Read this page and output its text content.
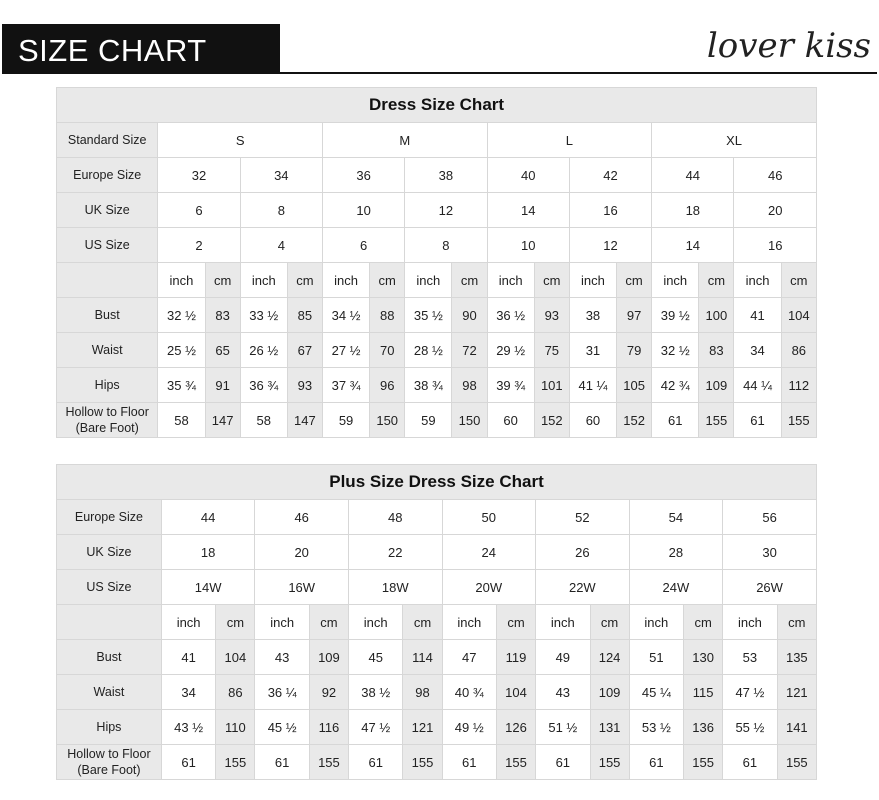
SIZE CHART	lover kiss
Dress Size Chart																
Standard Size	S				M				L				XL			
Europe Size	32		34		36		38		40		42		44		46	
UK Size	6		8		10		12		14		16		18		20	
US Size	2		4		6		8		10		12		14		16	
	inch	cm	inch	cm	inch	cm	inch	cm	inch	cm	inch	cm	inch	cm	inch	cm
Bust	32 ½	83	33 ½	85	34 ½	88	35 ½	90	36 ½	93	38	97	39 ½	100	41	104
Waist	25 ½	65	26 ½	67	27 ½	70	28 ½	72	29 ½	75	31	79	32 ½	83	34	86
Hips	35 ¾	91	36 ¾	93	37 ¾	96	38 ¾	98	39 ¾	101	41 ¼	105	42 ¾	109	44 ¼	112

Hollow to Floor
(Bare Foot)	58	147	58	147	59	150	59	150	60	152	60	152	61	155	61	155
Plus Size Dress Size Chart														
Europe Size	44		46		48		50		52		54		56	
UK Size	18		20		22		24		26		28		30	
US Size	14W		16W		18W		20W		22W		24W		26W	
	inch	cm	inch	cm	inch	cm	inch	cm	inch	cm	inch	cm	inch	cm
Bust	41	104	43	109	45	114	47	119	49	124	51	130	53	135
Waist	34	86	36 ¼	92	38 ½	98	40 ¾	104	43	109	45 ¼	115	47 ½	121
Hips	43 ½	110	45 ½	116	47 ½	121	49 ½	126	51 ½	131	53 ½	136	55 ½	141

Hollow to Floor
(Bare Foot)	61	155	61	155	61	155	61	155	61	155	61	155	61	155
